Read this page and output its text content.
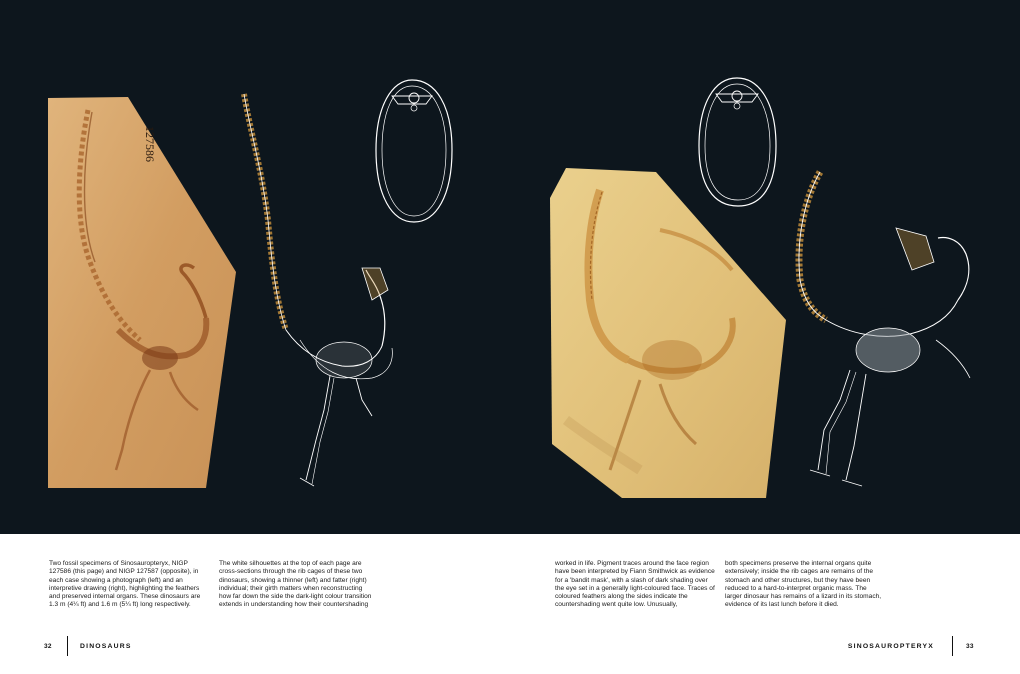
127586
Two fossil specimens of Sinosauropteryx, NIGP 127586 (this page) and NIGP 127587 (opposite), in each case showing a photograph (left) and an interpretive drawing (right), highlighting the feathers and preserved internal organs. These dinosaurs are 1.3 m (4¼ ft) and 1.6 m (5¼ ft) long respectively.
The white silhouettes at the top of each page are cross-sections through the rib cages of these two dinosaurs, showing a thinner (left) and fatter (right) individual; their girth matters when reconstructing how far down the side the dark-light colour transition extends in understanding how their countershading
worked in life. Pigment traces around the face region have been interpreted by Fiann Smithwick as evidence for a 'bandit mask', with a slash of dark shading over the eye set in a generally light-coloured face. Traces of coloured feathers along the sides indicate the countershading went quite low. Unusually,
both specimens preserve the internal organs quite extensively; inside the rib cages are remains of the stomach and other structures, but they have been reduced to a hard-to-interpret organic mass. The larger dinosaur has remains of a lizard in its stomach, evidence of its last lunch before it died.
32	DINOSAURS	SINOSAUROPTERYX	33
